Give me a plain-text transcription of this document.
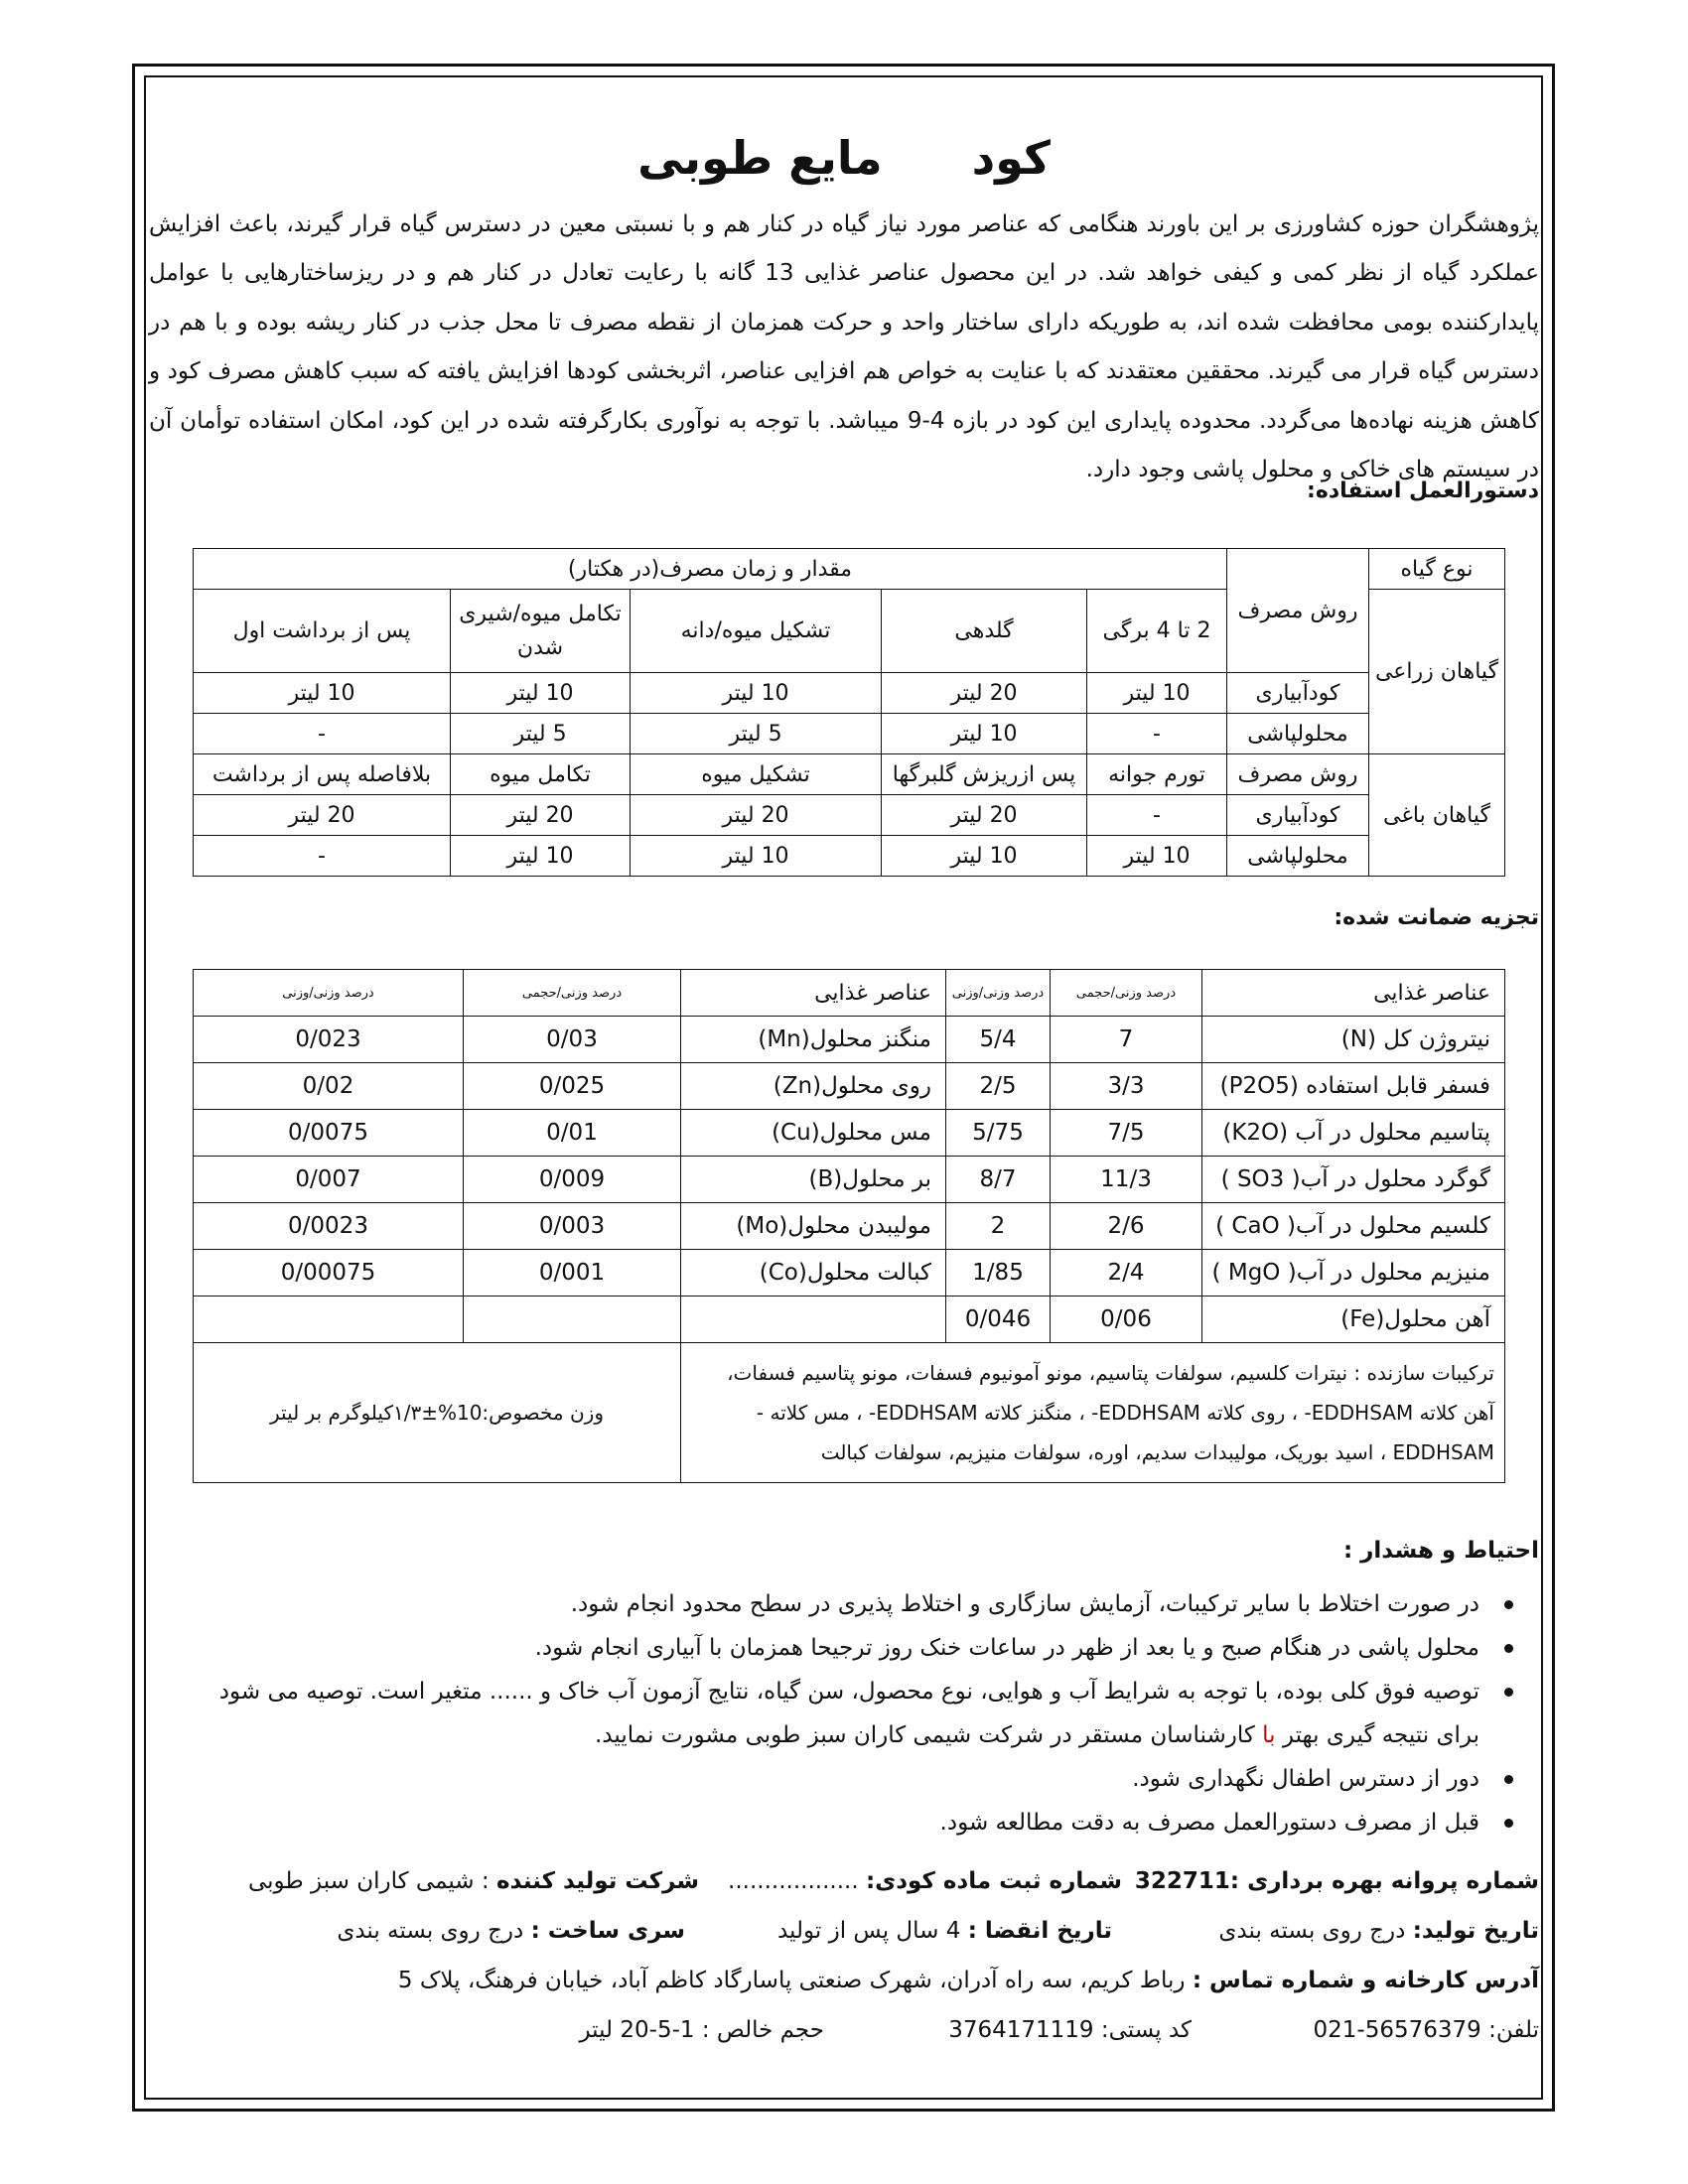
کودمایع طوبی
پژوهشگران حوزه کشاورزی بر این باورند هنگامی که عناصر مورد نیاز گیاه در کنار هم و با نسبتی معین در دسترس گیاه قرار گیرند، باعث افزایش عملکرد گیاه از نظر کمی و کیفی خواهد شد. در این محصول عناصر غذایی 13 گانه با رعایت تعادل در کنار هم و در ریزساختارهایی با عوامل پایدارکننده بومی محافظت شده اند، به طوریکه دارای ساختار واحد و حرکت همزمان از نقطه مصرف تا محل جذب در کنار ریشه بوده و با هم در دسترس گیاه قرار می گیرند. محققین معتقدند که با عنایت به خواص هم افزایی عناصر، اثربخشی کودها افزایش یافته که سبب کاهش مصرف کود و کاهش هزینه نهاده‌ها می‌گردد. محدوده پایداری این کود در بازه 4-9 میباشد. با توجه به نوآوری بکارگرفته شده در این کود، امکان استفاده توأمان آن در سیستم های خاکی و محلول پاشی وجود دارد.
دستورالعمل استفاده:
نوع گیاه	روش مصرف	مقدار و زمان مصرف(در هکتار)				
گیاهان زراعی		2 تا 4 برگی	گلدهی	تشکیل میوه/دانه	تکامل میوه/شیری شدن	پس از برداشت اول
	کودآبیاری	10 لیتر	20 لیتر	10 لیتر	10 لیتر	10 لیتر
	محلولپاشی	-	10 لیتر	5 لیتر	5 لیتر	-
گیاهان باغی	روش مصرف	تورم جوانه	پس ازریزش گلبرگها	تشکیل میوه	تکامل میوه	بلافاصله پس از برداشت
	کودآبیاری	-	20 لیتر	20 لیتر	20 لیتر	20 لیتر
	محلولپاشی	10 لیتر	10 لیتر	10 لیتر	10 لیتر	-
تجزیه ضمانت شده:
عناصر غذایی	درصد وزنی/حجمی	درصد وزنی/وزنی	عناصر غذایی	درصد وزنی/حجمی	درصد وزنی/وزنی
نیتروژن کل (N)	7	5/4	منگنز محلول(Mn)	0/03	0/023
فسفر قابل استفاده (P2O5)	3/3	2/5	روی محلول(Zn)	0/025	0/02
پتاسیم محلول در آب (K2O)	7/5	5/75	مس محلول(Cu)	0/01	0/0075
گوگرد محلول در آب( SO3 )	11/3	8/7	بر محلول(B)	0/009	0/007
کلسیم محلول در آب( CaO )	2/6	2	مولیبدن محلول(Mo)	0/003	0/0023
منیزیم محلول در آب( MgO )	2/4	1/85	کبالت محلول(Co)	0/001	0/00075
آهن محلول(Fe)	0/06	0/046			
ترکیبات سازنده : نیترات کلسیم، سولفات پتاسیم، مونو آمونیوم فسفات، مونو پتاسیم فسفات، آهن کلاته EDDHSAM- ، روی کلاته EDDHSAM- ، منگنز کلاته EDDHSAM- ، مس کلاته - EDDHSAM ، اسید بوریک، مولیبدات سدیم، اوره، سولفات منیزیم، سولفات کبالت				وزن مخصوص:10%±۱/۳کیلوگرم بر لیتر	
احتیاط و هشدار :
در صورت اختلاط با سایر ترکیبات، آزمایش سازگاری و اختلاط پذیری در سطح محدود انجام شود.
محلول پاشی در هنگام صبح و یا بعد از ظهر در ساعات خنک روز ترجیحا همزمان با آبیاری انجام شود.
توصیه فوق کلی بوده، با توجه به شرایط آب و هوایی، نوع محصول، سن گیاه، نتایج آزمون آب خاک و ...... متغیر است. توصیه می شود برای نتیجه گیری بهتر با کارشناسان مستقر در شرکت شیمی کاران سبز طوبی مشورت نمایید.
دور از دسترس اطفال نگهداری شود.
قبل از مصرف دستورالعمل مصرف به دقت مطالعه شود.
شماره پروانه بهره برداری :322711
شماره ثبت ماده کودی: ..................
شرکت تولید کننده : شیمی کاران سبز طوبی
تاریخ تولید: درج روی بسته بندی
تاریخ انقضا : 4 سال پس از تولید
سری ساخت : درج روی بسته بندی
آدرس کارخانه و شماره تماس : رباط کریم، سه راه آدران، شهرک صنعتی پاسارگاد کاظم آباد، خیابان فرهنگ، پلاک 5
تلفن: 56576379-021
کد پستی: 3764171119
حجم خالص : 1-5-20 لیتر
